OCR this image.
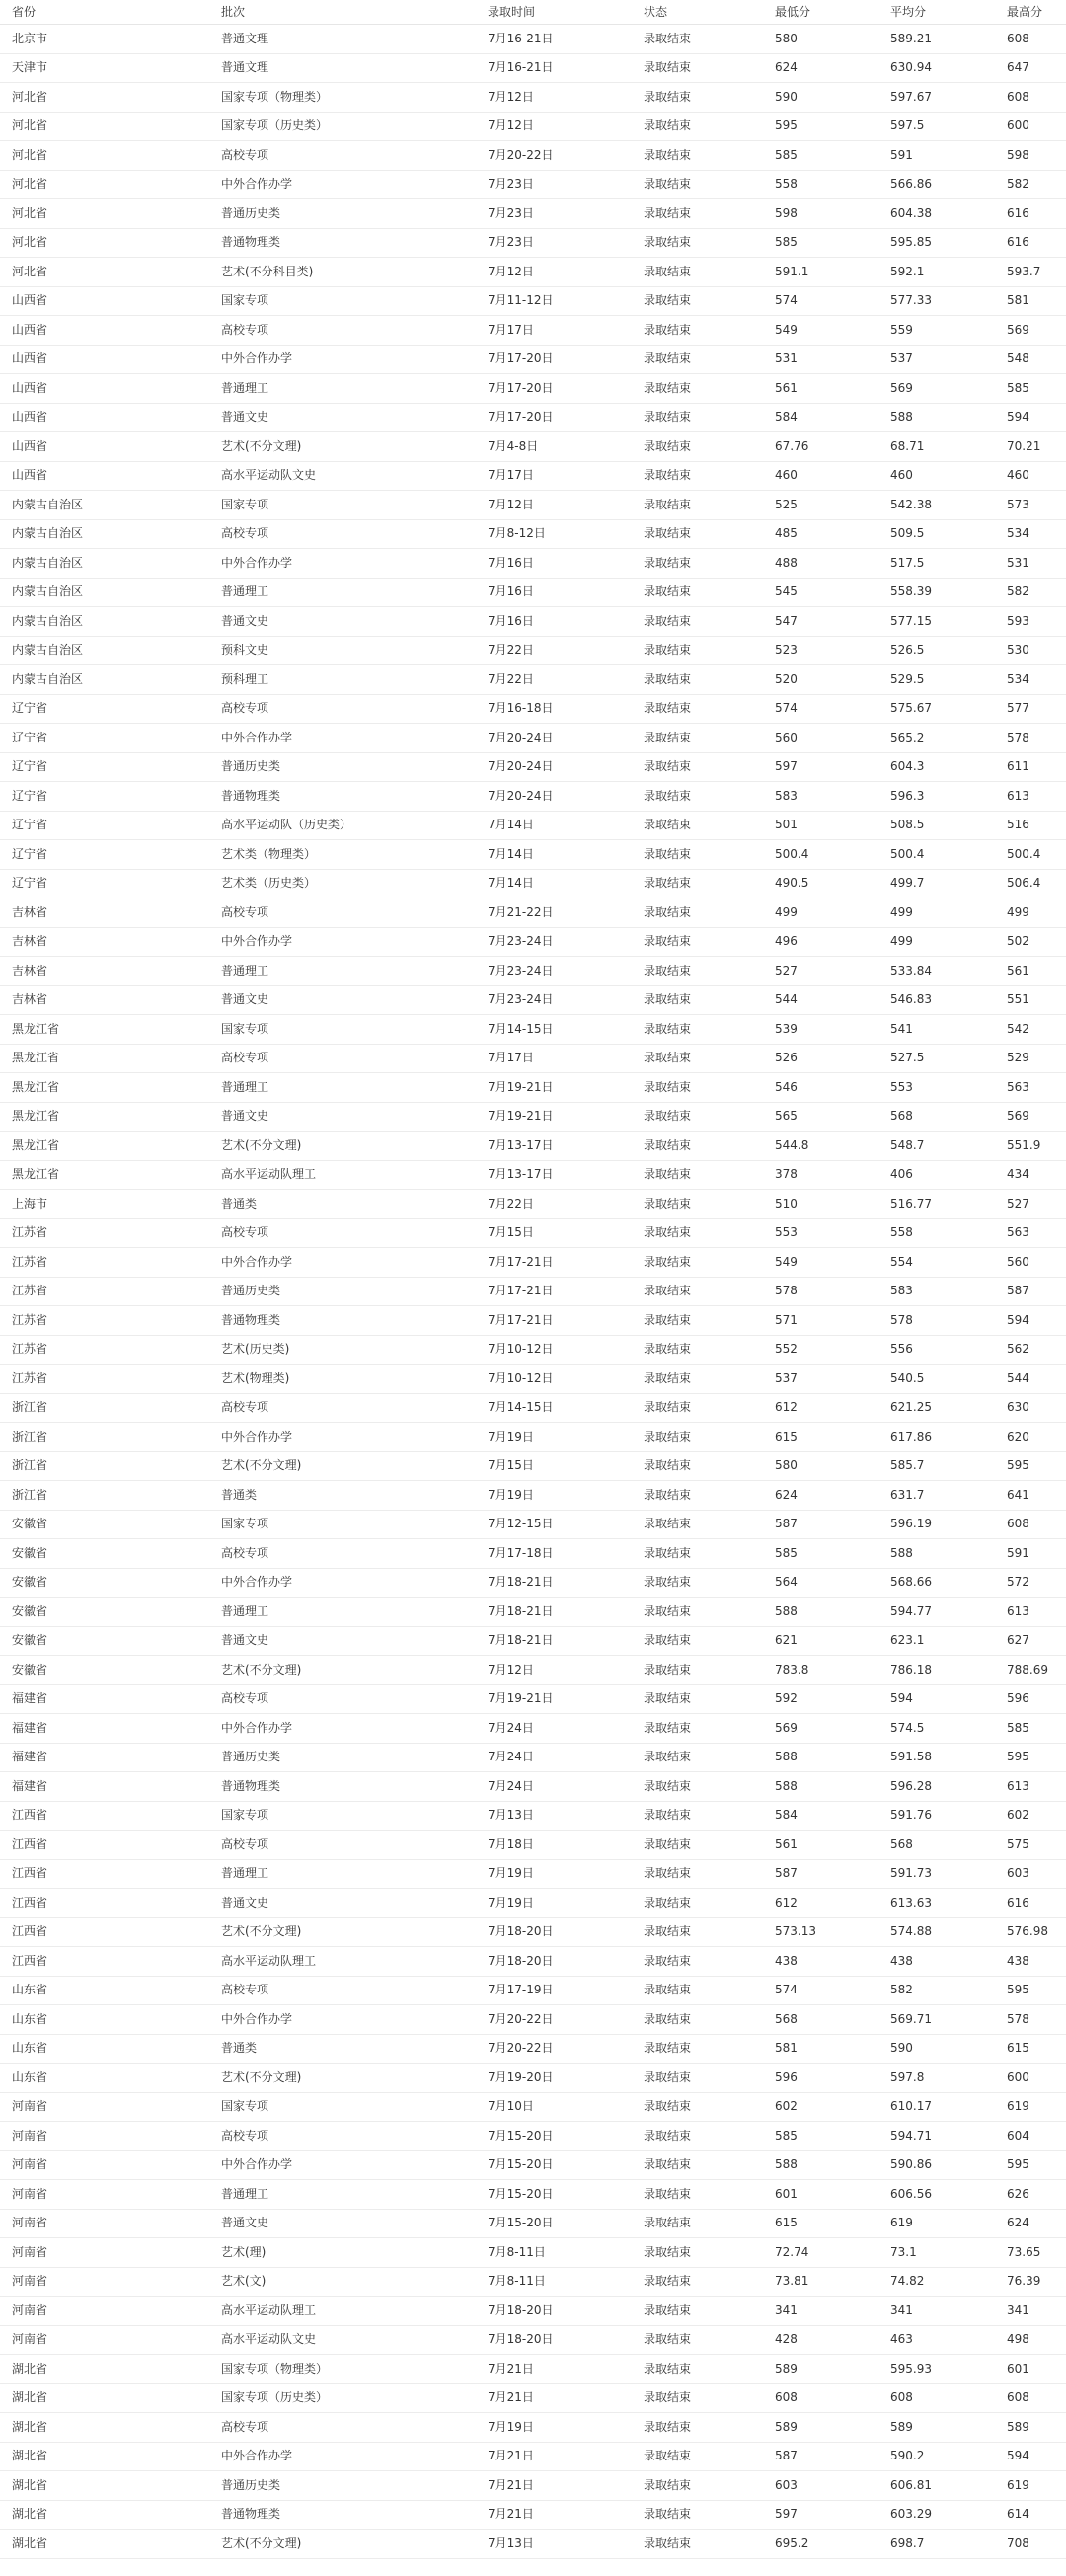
省份	批次	录取时间	状态	最低分	平均分	最高分
北京市	普通文理	7月16-21日	录取结束	580	589.21	608
天津市	普通文理	7月16-21日	录取结束	624	630.94	647
河北省	国家专项（物理类）	7月12日	录取结束	590	597.67	608
河北省	国家专项（历史类）	7月12日	录取结束	595	597.5	600
河北省	高校专项	7月20-22日	录取结束	585	591	598
河北省	中外合作办学	7月23日	录取结束	558	566.86	582
河北省	普通历史类	7月23日	录取结束	598	604.38	616
河北省	普通物理类	7月23日	录取结束	585	595.85	616
河北省	艺术(不分科目类)	7月12日	录取结束	591.1	592.1	593.7
山西省	国家专项	7月11-12日	录取结束	574	577.33	581
山西省	高校专项	7月17日	录取结束	549	559	569
山西省	中外合作办学	7月17-20日	录取结束	531	537	548
山西省	普通理工	7月17-20日	录取结束	561	569	585
山西省	普通文史	7月17-20日	录取结束	584	588	594
山西省	艺术(不分文理)	7月4-8日	录取结束	67.76	68.71	70.21
山西省	高水平运动队文史	7月17日	录取结束	460	460	460
内蒙古自治区	国家专项	7月12日	录取结束	525	542.38	573
内蒙古自治区	高校专项	7月8-12日	录取结束	485	509.5	534
内蒙古自治区	中外合作办学	7月16日	录取结束	488	517.5	531
内蒙古自治区	普通理工	7月16日	录取结束	545	558.39	582
内蒙古自治区	普通文史	7月16日	录取结束	547	577.15	593
内蒙古自治区	预科文史	7月22日	录取结束	523	526.5	530
内蒙古自治区	预科理工	7月22日	录取结束	520	529.5	534
辽宁省	高校专项	7月16-18日	录取结束	574	575.67	577
辽宁省	中外合作办学	7月20-24日	录取结束	560	565.2	578
辽宁省	普通历史类	7月20-24日	录取结束	597	604.3	611
辽宁省	普通物理类	7月20-24日	录取结束	583	596.3	613
辽宁省	高水平运动队（历史类）	7月14日	录取结束	501	508.5	516
辽宁省	艺术类（物理类）	7月14日	录取结束	500.4	500.4	500.4
辽宁省	艺术类（历史类）	7月14日	录取结束	490.5	499.7	506.4
吉林省	高校专项	7月21-22日	录取结束	499	499	499
吉林省	中外合作办学	7月23-24日	录取结束	496	499	502
吉林省	普通理工	7月23-24日	录取结束	527	533.84	561
吉林省	普通文史	7月23-24日	录取结束	544	546.83	551
黑龙江省	国家专项	7月14-15日	录取结束	539	541	542
黑龙江省	高校专项	7月17日	录取结束	526	527.5	529
黑龙江省	普通理工	7月19-21日	录取结束	546	553	563
黑龙江省	普通文史	7月19-21日	录取结束	565	568	569
黑龙江省	艺术(不分文理)	7月13-17日	录取结束	544.8	548.7	551.9
黑龙江省	高水平运动队理工	7月13-17日	录取结束	378	406	434
上海市	普通类	7月22日	录取结束	510	516.77	527
江苏省	高校专项	7月15日	录取结束	553	558	563
江苏省	中外合作办学	7月17-21日	录取结束	549	554	560
江苏省	普通历史类	7月17-21日	录取结束	578	583	587
江苏省	普通物理类	7月17-21日	录取结束	571	578	594
江苏省	艺术(历史类)	7月10-12日	录取结束	552	556	562
江苏省	艺术(物理类)	7月10-12日	录取结束	537	540.5	544
浙江省	高校专项	7月14-15日	录取结束	612	621.25	630
浙江省	中外合作办学	7月19日	录取结束	615	617.86	620
浙江省	艺术(不分文理)	7月15日	录取结束	580	585.7	595
浙江省	普通类	7月19日	录取结束	624	631.7	641
安徽省	国家专项	7月12-15日	录取结束	587	596.19	608
安徽省	高校专项	7月17-18日	录取结束	585	588	591
安徽省	中外合作办学	7月18-21日	录取结束	564	568.66	572
安徽省	普通理工	7月18-21日	录取结束	588	594.77	613
安徽省	普通文史	7月18-21日	录取结束	621	623.1	627
安徽省	艺术(不分文理)	7月12日	录取结束	783.8	786.18	788.69
福建省	高校专项	7月19-21日	录取结束	592	594	596
福建省	中外合作办学	7月24日	录取结束	569	574.5	585
福建省	普通历史类	7月24日	录取结束	588	591.58	595
福建省	普通物理类	7月24日	录取结束	588	596.28	613
江西省	国家专项	7月13日	录取结束	584	591.76	602
江西省	高校专项	7月18日	录取结束	561	568	575
江西省	普通理工	7月19日	录取结束	587	591.73	603
江西省	普通文史	7月19日	录取结束	612	613.63	616
江西省	艺术(不分文理)	7月18-20日	录取结束	573.13	574.88	576.98
江西省	高水平运动队理工	7月18-20日	录取结束	438	438	438
山东省	高校专项	7月17-19日	录取结束	574	582	595
山东省	中外合作办学	7月20-22日	录取结束	568	569.71	578
山东省	普通类	7月20-22日	录取结束	581	590	615
山东省	艺术(不分文理)	7月19-20日	录取结束	596	597.8	600
河南省	国家专项	7月10日	录取结束	602	610.17	619
河南省	高校专项	7月15-20日	录取结束	585	594.71	604
河南省	中外合作办学	7月15-20日	录取结束	588	590.86	595
河南省	普通理工	7月15-20日	录取结束	601	606.56	626
河南省	普通文史	7月15-20日	录取结束	615	619	624
河南省	艺术(理)	7月8-11日	录取结束	72.74	73.1	73.65
河南省	艺术(文)	7月8-11日	录取结束	73.81	74.82	76.39
河南省	高水平运动队理工	7月18-20日	录取结束	341	341	341
河南省	高水平运动队文史	7月18-20日	录取结束	428	463	498
湖北省	国家专项（物理类）	7月21日	录取结束	589	595.93	601
湖北省	国家专项（历史类）	7月21日	录取结束	608	608	608
湖北省	高校专项	7月19日	录取结束	589	589	589
湖北省	中外合作办学	7月21日	录取结束	587	590.2	594
湖北省	普通历史类	7月21日	录取结束	603	606.81	619
湖北省	普通物理类	7月21日	录取结束	597	603.29	614
湖北省	艺术(不分文理)	7月13日	录取结束	695.2	698.7	708
